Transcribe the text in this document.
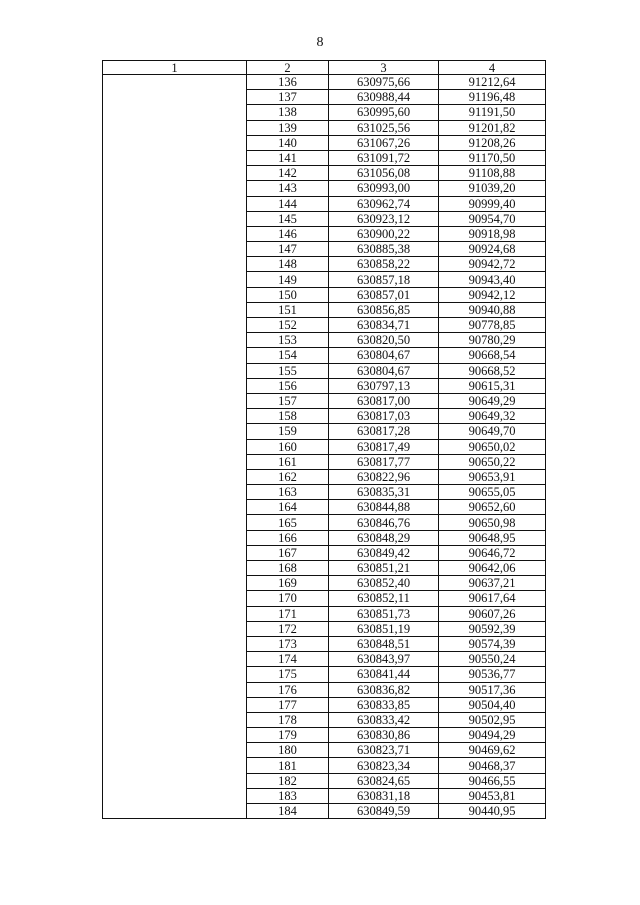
8
1	2	3	4
	136	630975,66	91212,64
	137	630988,44	91196,48
	138	630995,60	91191,50
	139	631025,56	91201,82
	140	631067,26	91208,26
	141	631091,72	91170,50
	142	631056,08	91108,88
	143	630993,00	91039,20
	144	630962,74	90999,40
	145	630923,12	90954,70
	146	630900,22	90918,98
	147	630885,38	90924,68
	148	630858,22	90942,72
	149	630857,18	90943,40
	150	630857,01	90942,12
	151	630856,85	90940,88
	152	630834,71	90778,85
	153	630820,50	90780,29
	154	630804,67	90668,54
	155	630804,67	90668,52
	156	630797,13	90615,31
	157	630817,00	90649,29
	158	630817,03	90649,32
	159	630817,28	90649,70
	160	630817,49	90650,02
	161	630817,77	90650,22
	162	630822,96	90653,91
	163	630835,31	90655,05
	164	630844,88	90652,60
	165	630846,76	90650,98
	166	630848,29	90648,95
	167	630849,42	90646,72
	168	630851,21	90642,06
	169	630852,40	90637,21
	170	630852,11	90617,64
	171	630851,73	90607,26
	172	630851,19	90592,39
	173	630848,51	90574,39
	174	630843,97	90550,24
	175	630841,44	90536,77
	176	630836,82	90517,36
	177	630833,85	90504,40
	178	630833,42	90502,95
	179	630830,86	90494,29
	180	630823,71	90469,62
	181	630823,34	90468,37
	182	630824,65	90466,55
	183	630831,18	90453,81
	184	630849,59	90440,95
